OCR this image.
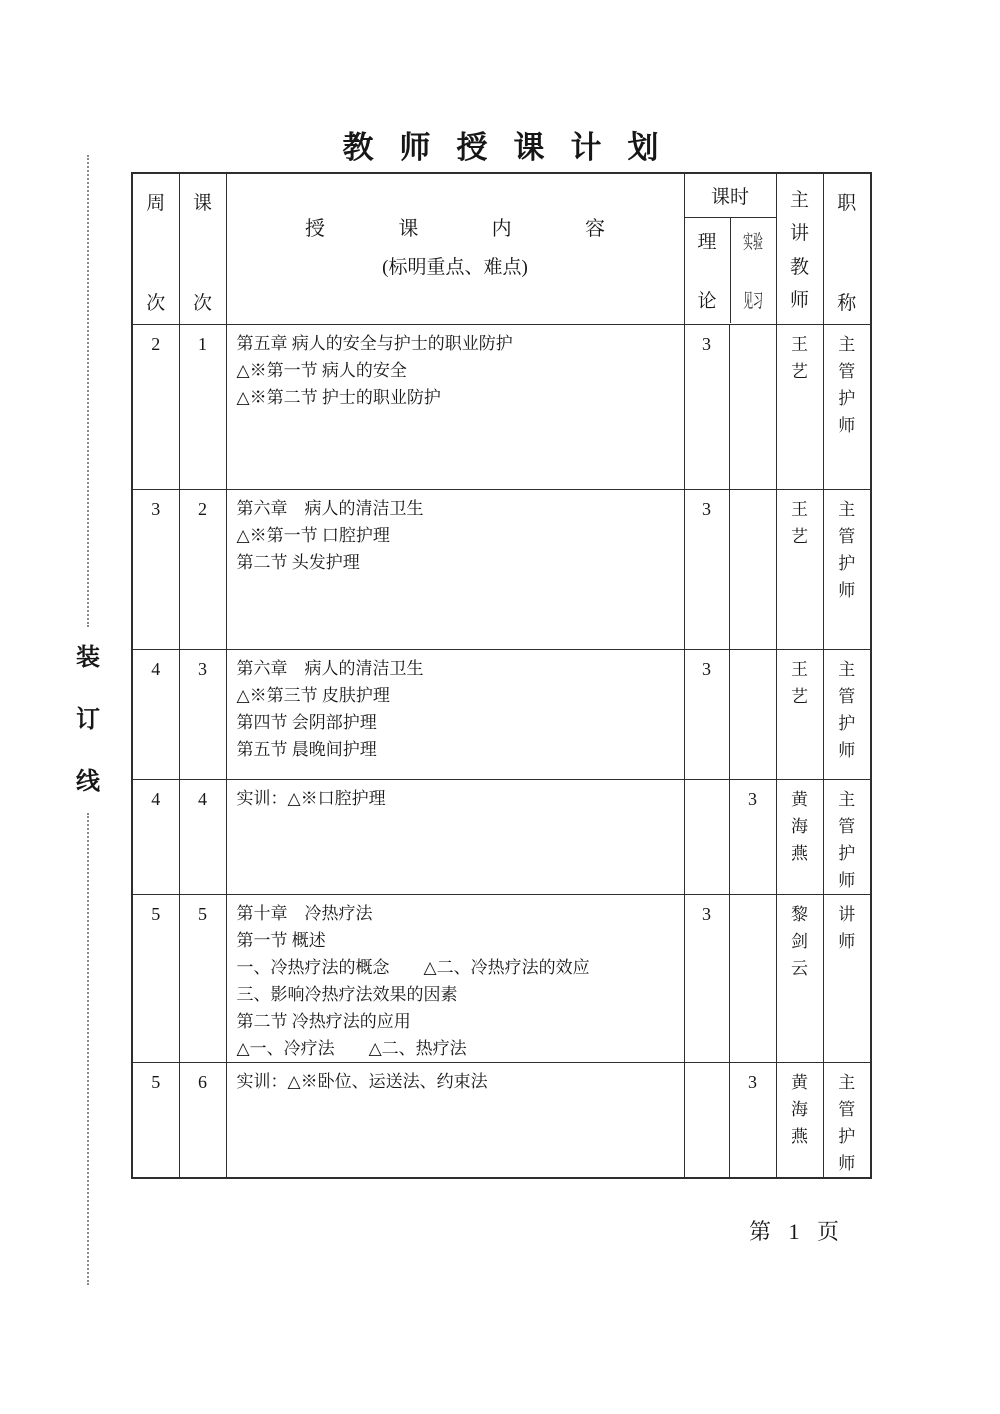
装
订
线
教师授课计划
周
次

课
次

授	课	内	容
(标明重点、难点)

课时
理
论
实验
见习

主
讲
教
师

职
称

2	1	第五章 病人的安全与护士的职业防护
△※第一节 病人的安全
△※第二节 护士的职业防护	3		王艺	主管护师
3	2	第六章　病人的清洁卫生
△※第一节 口腔护理
第二节 头发护理	3		王艺	主管护师
4	3	第六章　病人的清洁卫生
△※第三节 皮肤护理
第四节 会阴部护理
第五节 晨晚间护理	3		王艺	主管护师
4	4	实训：△※口腔护理		3	黄海燕	主管护师
5	5	第十章　冷热疗法
第一节 概述
一、冷热疗法的概念　　△二、冷热疗法的效应
三、影响冷热疗法效果的因素
第二节 冷热疗法的应用
△一、冷疗法　　△二、热疗法
	3		黎剑云	讲师
5	6	实训：△※卧位、运送法、约束法		3	黄海燕	主管护师
第 1 页
